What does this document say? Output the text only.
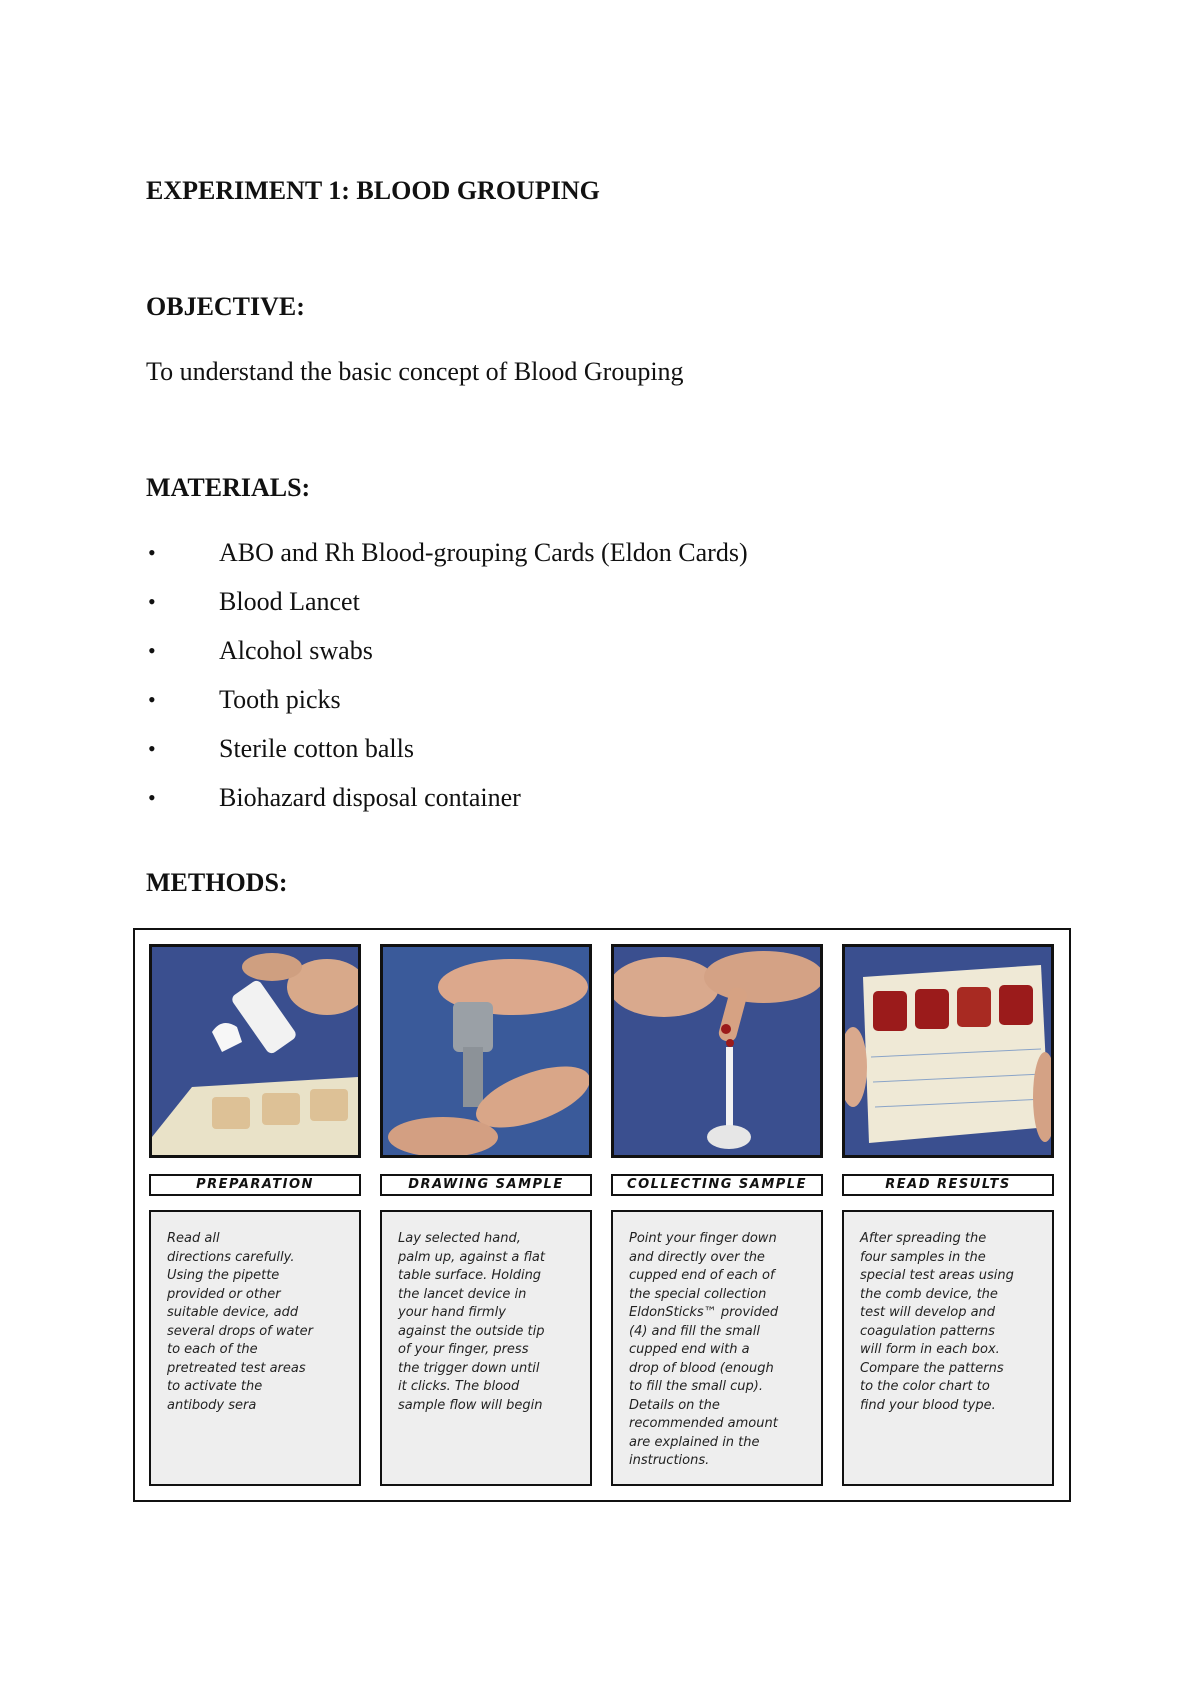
EXPERIMENT 1: BLOOD GROUPING
OBJECTIVE:

To understand the basic concept of Blood Grouping

MATERIALS:
• ABO and Rh Blood-grouping Cards (Eldon Cards)
• Blood Lancet
• Alcohol swabs
• Tooth picks
• Sterile cotton balls
• Biohazard disposal container
METHODS:
PREPARATION
Read all
directions carefully.
Using the pipette
provided or other
suitable device, add
several drops of water
to each of the
pretreated test areas
to activate the
antibody sera
DRAWING SAMPLE
Lay selected hand,
palm up, against a flat
table surface. Holding
the lancet device in
your hand firmly
against the outside tip
of your finger, press
the trigger down until
it clicks. The blood
sample flow will begin
COLLECTING SAMPLE
Point your finger down
and directly over the
cupped end of each of
the special collection
EldonSticks™ provided
(4) and fill the small
cupped end with a
drop of blood (enough
to fill the small cup).
Details on the
recommended amount
are explained in the
instructions.
READ RESULTS
After spreading the
four samples in the
special test areas using
the comb device, the
test will develop and
coagulation patterns
will form in each box.
Compare the patterns
to the color chart to
find your blood type.
